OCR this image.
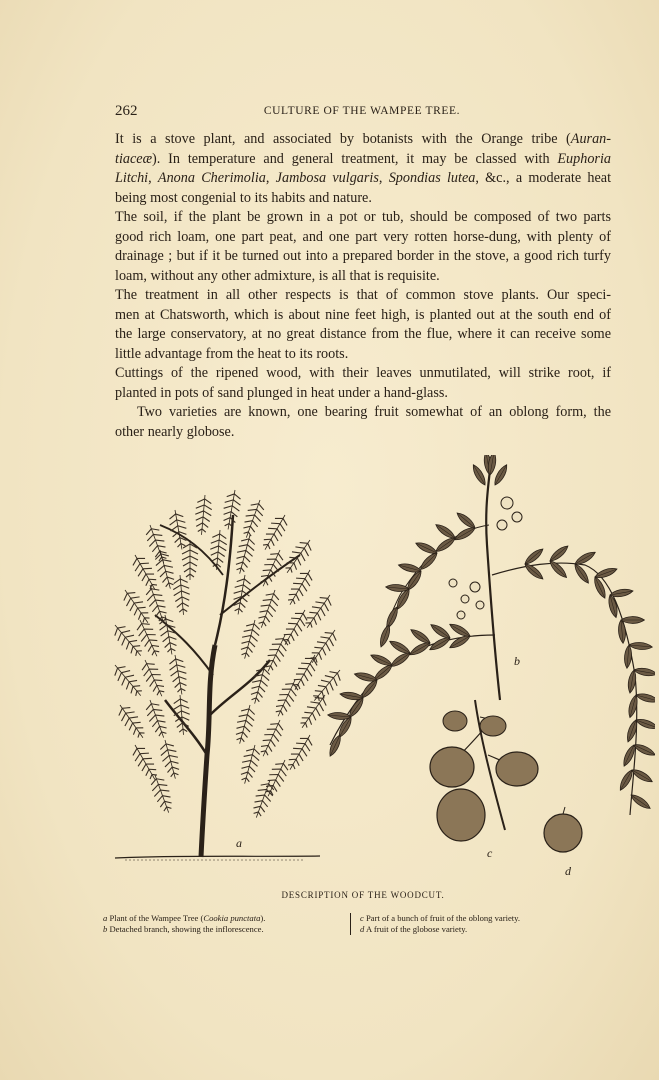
262	CULTURE OF THE WAMPEE TREE.

It is a stove plant, and associated by botanists with the Orange tribe (Auran-
tiaceæ). In temperature and general treatment, it may be classed with Euphoria
Litchi, Anona Cherimolia, Jambosa vulgaris, Spondias lutea, &c., a moderate heat
being most congenial to its habits and nature.

The soil, if the plant be grown in a pot or tub, should be composed of two parts
good rich loam, one part peat, and one part very rotten horse-dung, with plenty of
drainage ; but if it be turned out into a prepared border in the stove, a good rich turfy
loam, without any other admixture, is all that is requisite.

The treatment in all other respects is that of common stove plants. Our speci-
men at Chatsworth, which is about nine feet high, is planted out at the south end of
the large conservatory, at no great distance from the flue, where it can receive some
little advantage from the heat to its roots.

Cuttings of the ripened wood, with their leaves unmutilated, will strike root, if
planted in pots of sand plunged in heat under a hand-glass.

Two varieties are known, one bearing fruit somewhat of an oblong form, the
other nearly globose.

a
b
c
d
DESCRIPTION OF THE WOODCUT.
a Plant of the Wampee Tree (Cookia punctata).
b Detached branch, showing the inflorescence.
c Part of a bunch of fruit of the oblong variety.
d A fruit of the globose variety.
